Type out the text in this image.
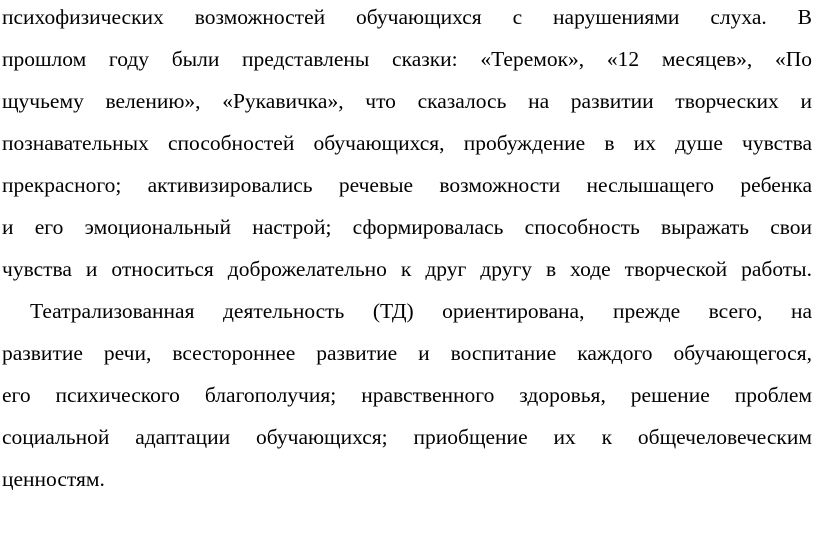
психофизических возможностей обучающихся с нарушениями слуха. В
прошлом году были представлены сказки: «Теремок», «12 месяцев», «По
щучьему велению», «Рукавичка», что сказалось на развитии творческих и
познавательных способностей обучающихся, пробуждение в их душе чувства
прекрасного; активизировались речевые возможности неслышащего ребенка
и его эмоциональный настрой; сформировалась способность выражать свои
чувства и относиться доброжелательно к друг другу в ходе творческой работы.
Театрализованная деятельность (ТД) ориентирована, прежде всего, на
развитие речи, всестороннее развитие и воспитание каждого обучающегося,
его психического благополучия; нравственного здоровья, решение проблем
социальной адаптации обучающихся; приобщение их к общечеловеческим
ценностям.
